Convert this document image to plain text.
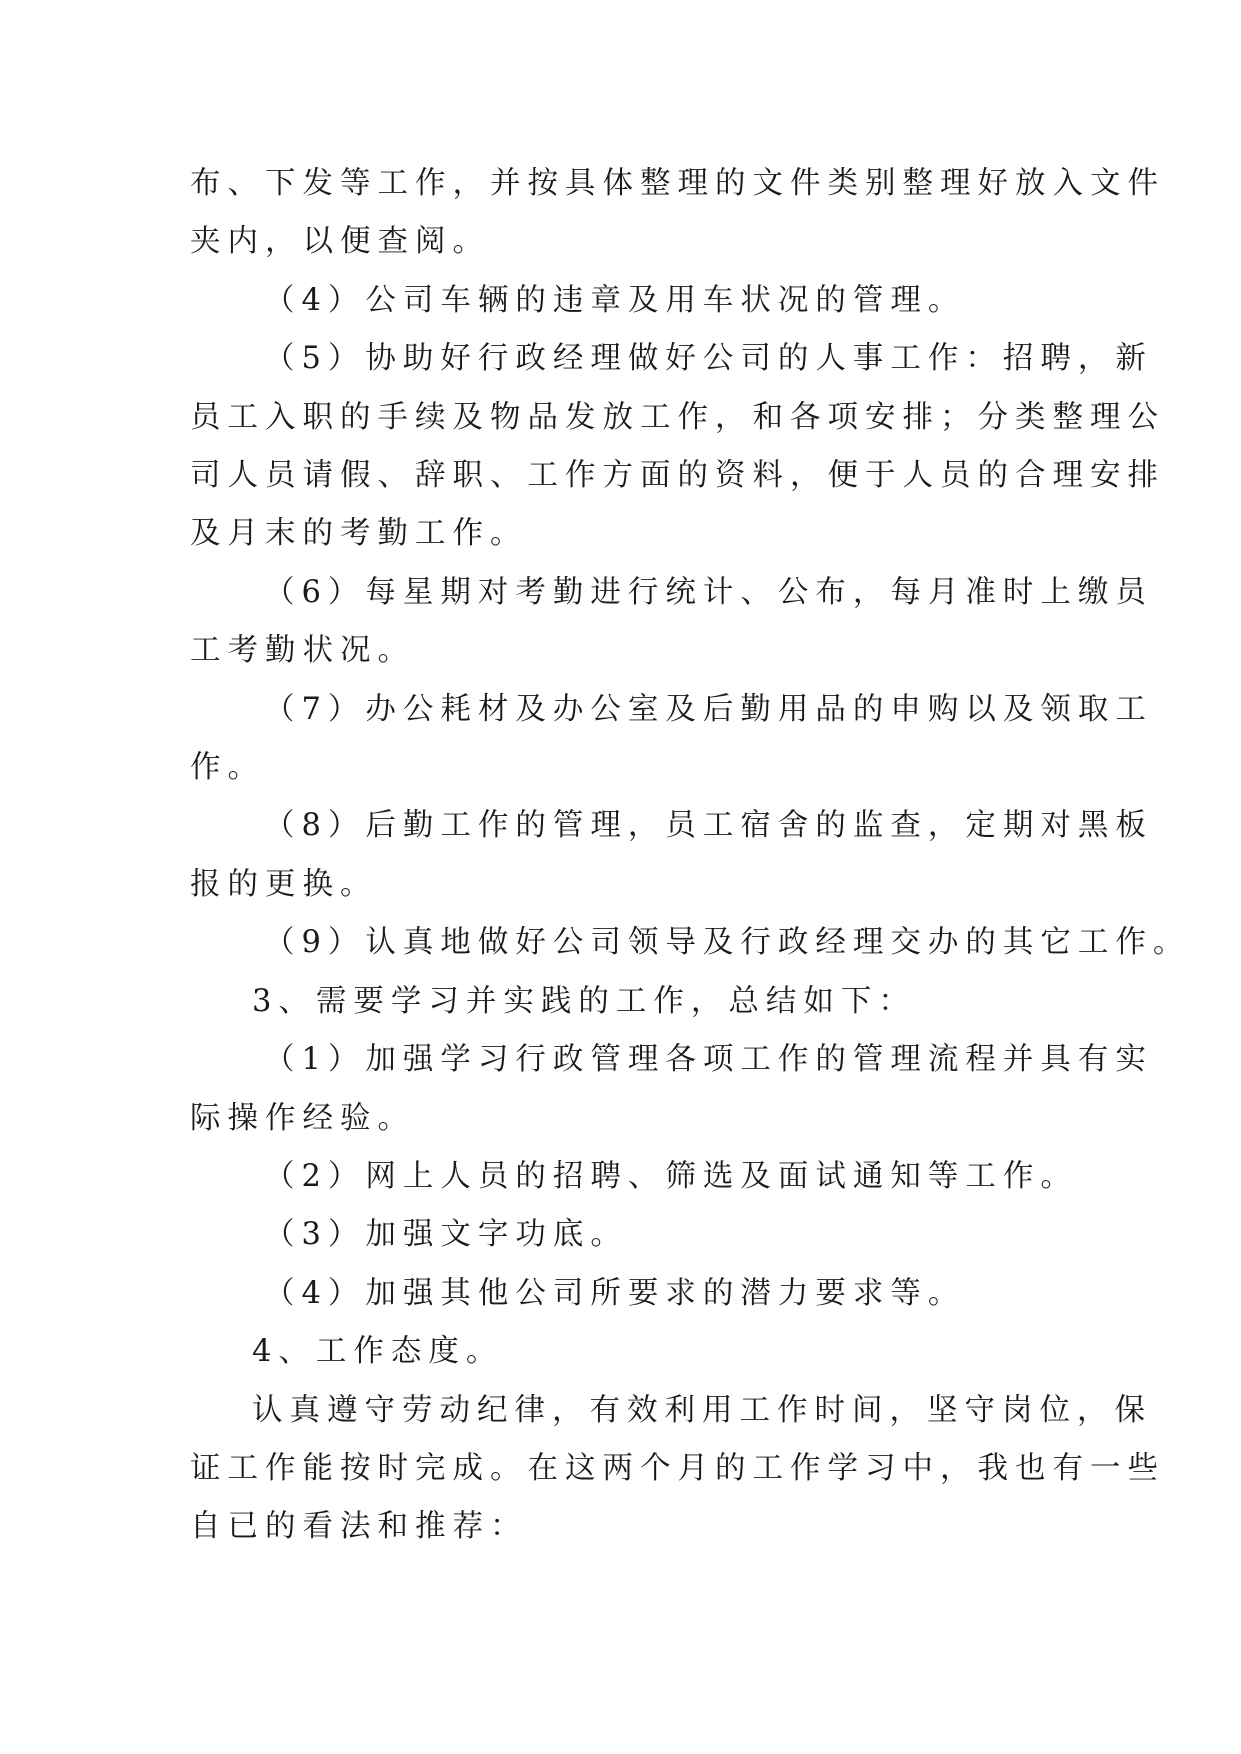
布、下发等工作，并按具体整理的文件类别整理好放入文件

夹内，以便查阅。

（4）公司车辆的违章及用车状况的管理。

（5）协助好行政经理做好公司的人事工作：招聘，新

员工入职的手续及物品发放工作，和各项安排；分类整理公

司人员请假、辞职、工作方面的资料，便于人员的合理安排

及月末的考勤工作。

（6）每星期对考勤进行统计、公布，每月准时上缴员

工考勤状况。

（7）办公耗材及办公室及后勤用品的申购以及领取工

作。

（8）后勤工作的管理，员工宿舍的监查，定期对黑板

报的更换。

（9）认真地做好公司领导及行政经理交办的其它工作。

3、需要学习并实践的工作，总结如下：

（1）加强学习行政管理各项工作的管理流程并具有实

际操作经验。

（2）网上人员的招聘、筛选及面试通知等工作。

（3）加强文字功底。

（4）加强其他公司所要求的潜力要求等。

4、工作态度。

认真遵守劳动纪律，有效利用工作时间，坚守岗位，保

证工作能按时完成。在这两个月的工作学习中，我也有一些

自已的看法和推荐：
